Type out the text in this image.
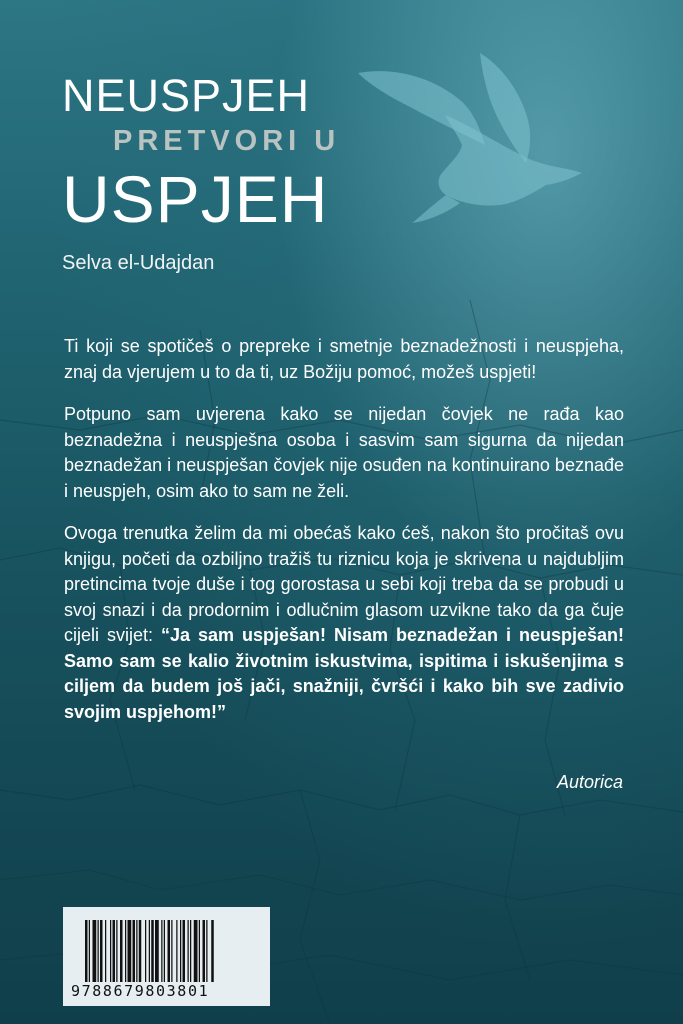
NEUSPJEH
PRETVORI U
USPJEH

Selva el-Udajdan

Ti koji se spotičeš o prepreke i smetnje beznadežnosti i neuspjeha, znaj da vjerujem u to da ti, uz Božiju pomoć, možeš uspjeti!

Potpuno sam uvjerena kako se nijedan čovjek ne rađa kao beznadežna i neuspješna osoba i sasvim sam sigurna da nijedan beznadežan i neuspješan čovjek nije osuđen na kontinuirano beznađe i neuspjeh, osim ako to sam ne želi.

Ovoga trenutka želim da mi obećaš kako ćeš, nakon što pročitaš ovu knjigu, početi da ozbiljno tražiš tu riznicu koja je skrivena u najdubljim pretincima tvoje duše i tog gorostasa u sebi koji treba da se probudi u svoj snazi i da prodornim i odlučnim glasom uzvikne tako da ga čuje cijeli svijet: “Ja sam uspješan! Nisam beznadežan i neuspješan! Samo sam se kalio životnim iskustvima, ispitima i iskušenjima s ciljem da budem još jači, snažniji, čvršći i kako bih sve zadivio svojim uspjehom!”

Autorica

9788679803801
